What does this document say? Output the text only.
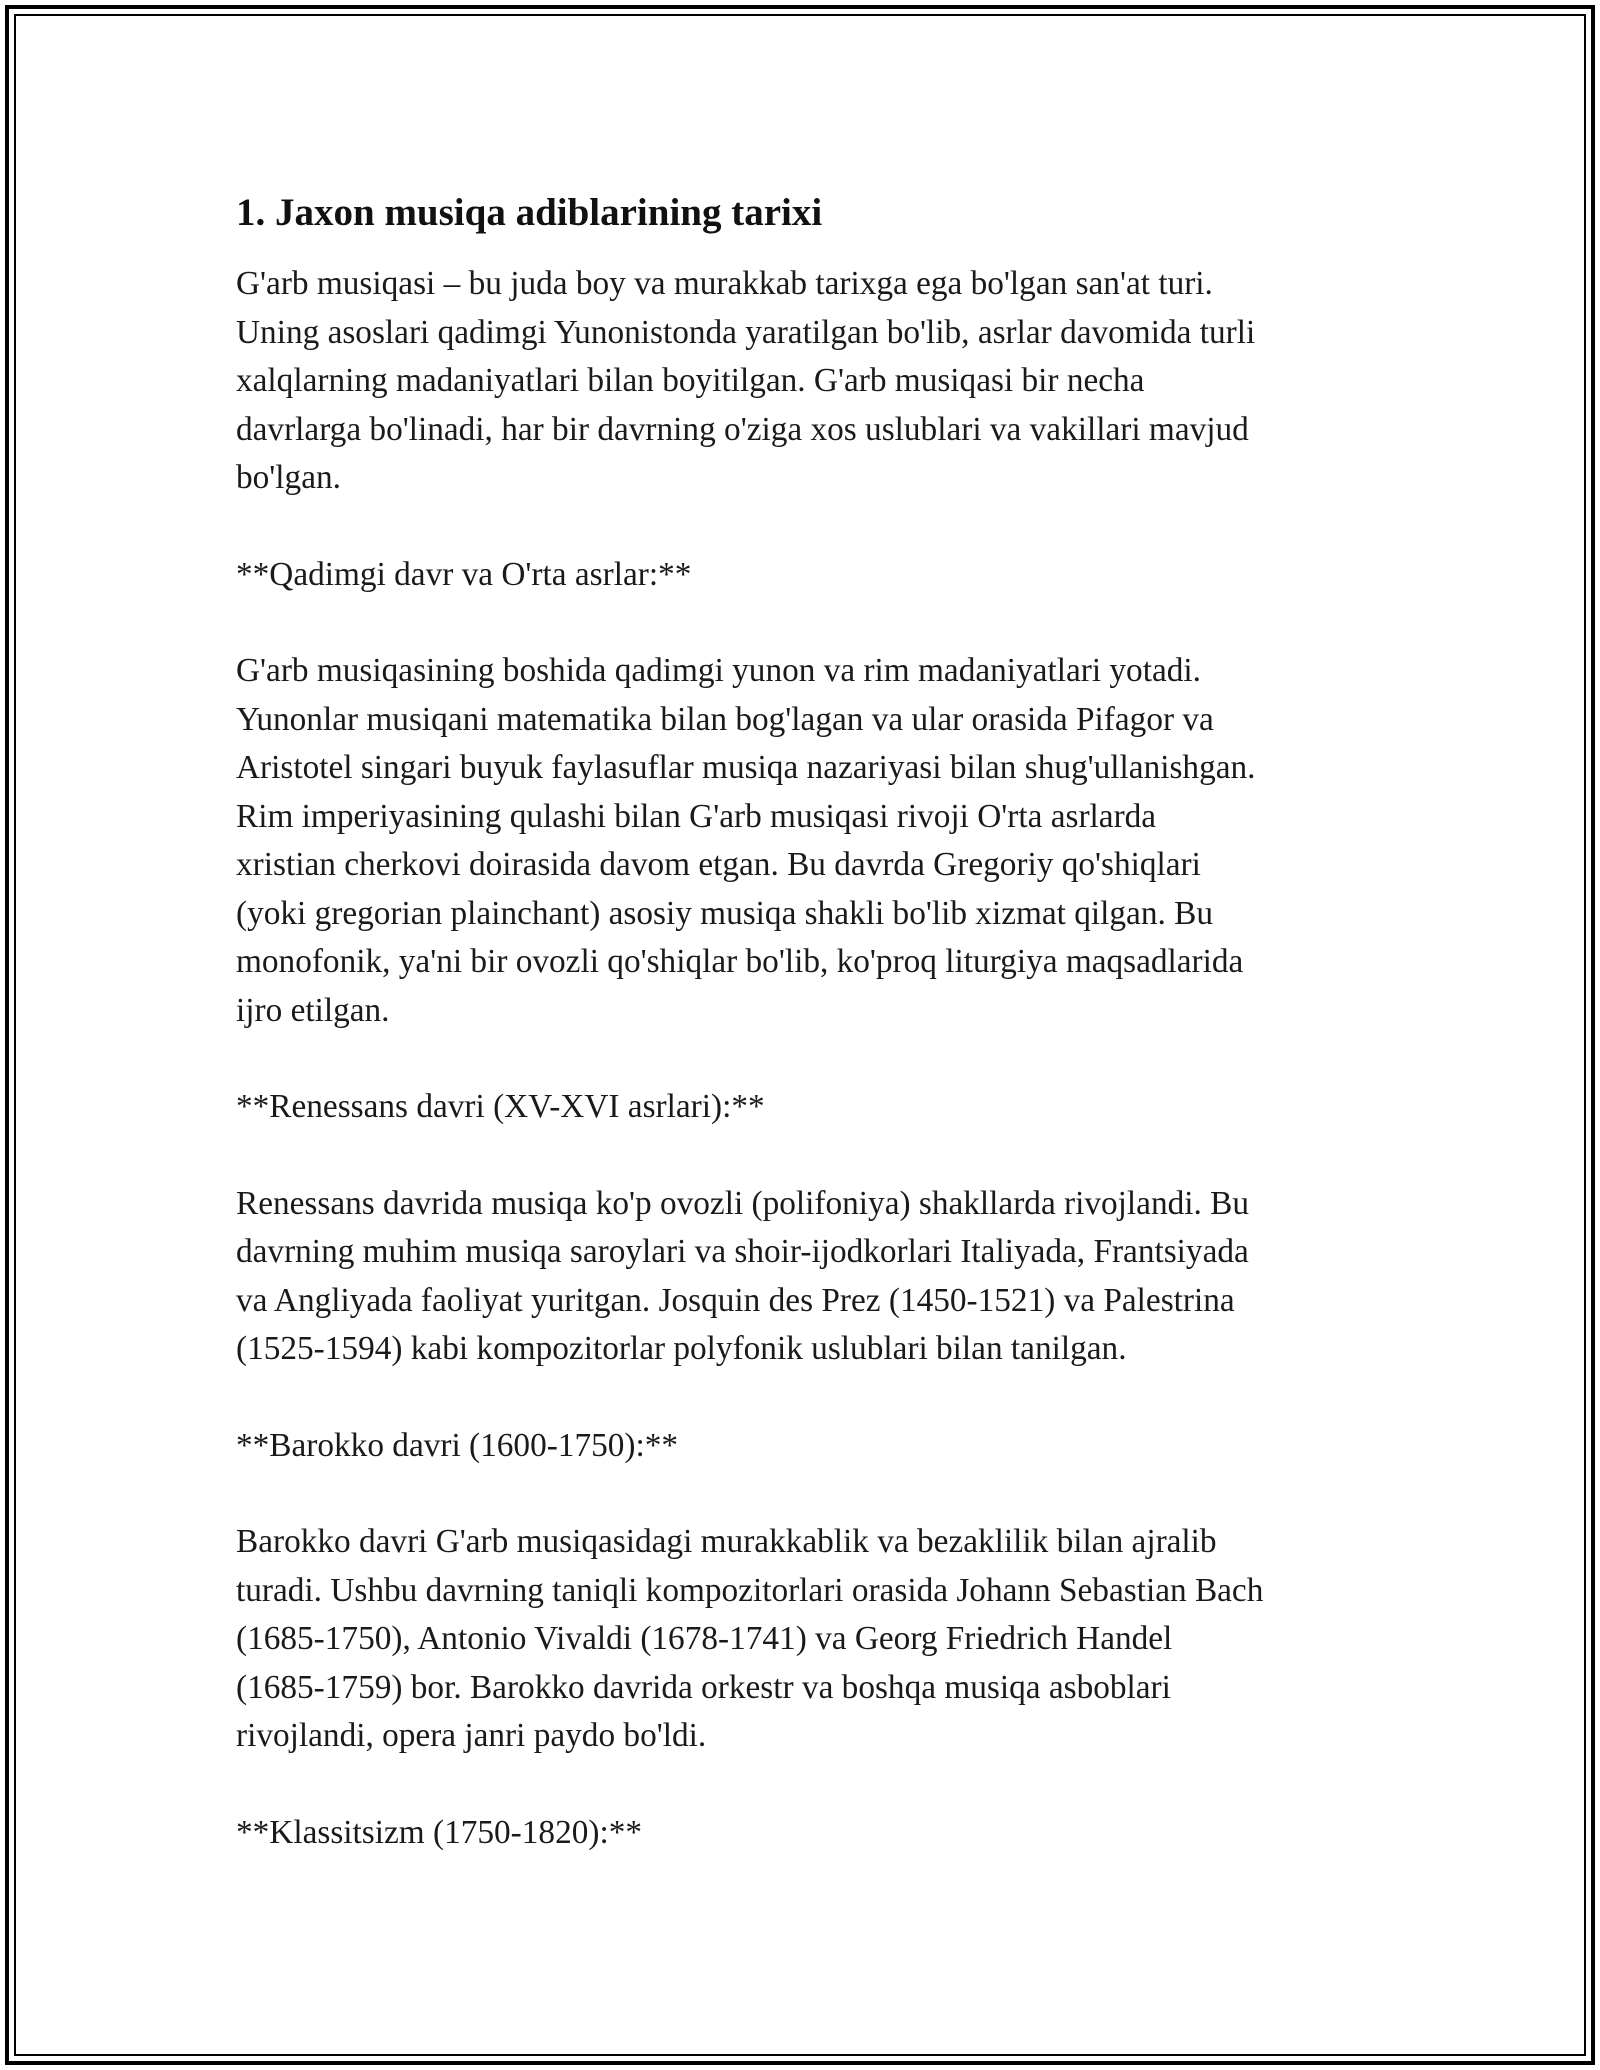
1. Jaxon musiqa adiblarining tarixi

G'arb musiqasi – bu juda boy va murakkab tarixga ega bo'lgan san'at turi.
Uning asoslari qadimgi Yunonistonda yaratilgan bo'lib, asrlar davomida turli
xalqlarning madaniyatlari bilan boyitilgan. G'arb musiqasi bir necha
davrlarga bo'linadi, har bir davrning o'ziga xos uslublari va vakillari mavjud
bo'lgan.

**Qadimgi davr va O'rta asrlar:**

G'arb musiqasining boshida qadimgi yunon va rim madaniyatlari yotadi.
Yunonlar musiqani matematika bilan bog'lagan va ular orasida Pifagor va
Aristotel singari buyuk faylasuflar musiqa nazariyasi bilan shug'ullanishgan.
Rim imperiyasining qulashi bilan G'arb musiqasi rivoji O'rta asrlarda
xristian cherkovi doirasida davom etgan. Bu davrda Gregoriy qo'shiqlari
(yoki gregorian plainchant) asosiy musiqa shakli bo'lib xizmat qilgan. Bu
monofonik, ya'ni bir ovozli qo'shiqlar bo'lib, ko'proq liturgiya maqsadlarida
ijro etilgan.

**Renessans davri (XV-XVI asrlari):**

Renessans davrida musiqa ko'p ovozli (polifoniya) shakllarda rivojlandi. Bu
davrning muhim musiqa saroylari va shoir-ijodkorlari Italiyada, Frantsiyada
va Angliyada faoliyat yuritgan. Josquin des Prez (1450-1521) va Palestrina
(1525-1594) kabi kompozitorlar polyfonik uslublari bilan tanilgan.

**Barokko davri (1600-1750):**

Barokko davri G'arb musiqasidagi murakkablik va bezaklilik bilan ajralib
turadi. Ushbu davrning taniqli kompozitorlari orasida Johann Sebastian Bach
(1685-1750), Antonio Vivaldi (1678-1741) va Georg Friedrich Handel
(1685-1759) bor. Barokko davrida orkestr va boshqa musiqa asboblari
rivojlandi, opera janri paydo bo'ldi.

**Klassitsizm (1750-1820):**
